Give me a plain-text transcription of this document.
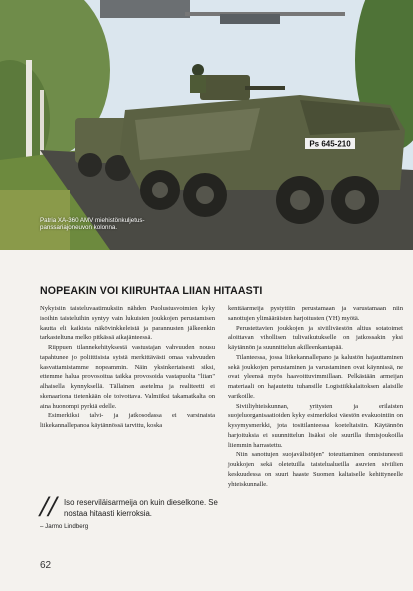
Ps 645-210
Patria XA-360 AMV miehistönkuljetus- panssariajoneuvon kolonna.
NOPEAKIN VOI KIIRUHTAA LIIAN HITAASTI

Nykyisiin taisteluvaatimuksiin nähden Puolustusvoimien kyky isoihin taisteluihin syntyy vain lukuisien joukkojen perustamisen kautta eli kaikista näkövinkkeleistä ja parannusten jälkeenkin tarkasteltuna melko pitkässä aikajänteessä.

Riippuen tilannekehityksestä vastustajan vahvuuden nousu tapahtunee jo poliittisista syistä merkittävästi omaa vahvuuden kasvattamistamme nopeammin. Näin yksinkertaisesti siksi, ettemme halua provosoitua taikka provosoida vastapuolta "liian" alhaisella kynnyksellä. Tällainen asetelma ja realiteetti ei skenaariona tietenkään ole toivottava. Valmiiksi takamatkalta on aina huonompi pyrkiä edelle.

Esimerkiksi talvi- ja jatkosodassa ei varsinaista liikekannallepanoa käytännössä tarvittu, koska

kenttäarmeija pystyttiin perustamaan ja varustamaan niin sanottujen ylimääräisten harjoitusten (YH) myötä.

Perustettavien joukkojen ja siviiliväestön altius sotatoimet aloittavan vihollisen tulivaikutukselle on jatkossakin yksi käytännön ja suunnittelun akilleenkantapää.

Tilanteessa, jossa liikekannallepano ja kalustön hajauttaminen sekä joukkojen perustaminen ja varustaminen ovat käynnissä, ne ovat yleensä myös haavoittuvimmillaan. Pelkästään armeijan materiaali on hajautettu tuhansille Logistiikkalaitoksen alaisille varikoille.

Siviiliyhteiskunnan, yritysten ja erilaisten suojeluorganisaatioiden kyky esimerkiksi väestön evakuointiin on kysymysmerkki, jota tositilanteessa koeteltaisiin. Käytännön harjoituksia ei suunnittelun lisäksi ole suurilla ihmisjoukoilla liiemmin harrastettu.

Niin sanottujen suojavälistöjen" toteuttaminen onnistuneesti joukkojen sekä oletetuilla taistelualueilla asuvien siviilien keskuudessa on suuri haaste Suomen kaltaiselle kehittyneelle yhteiskunnalle.

// Iso reserviläisarmeija on kuin dieselkone. Se nostaa hitaasti kierroksia.
– Jarmo Lindberg
62
